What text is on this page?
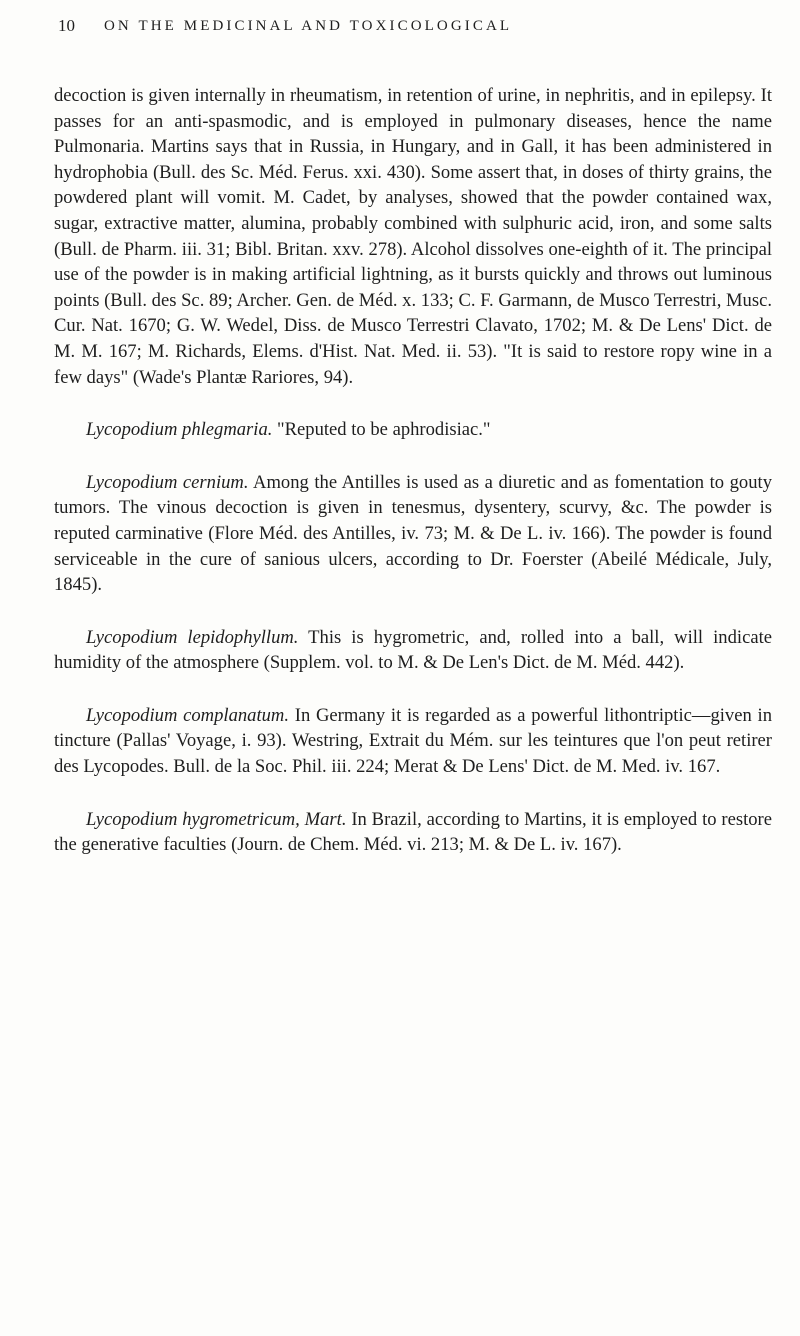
10 ON THE MEDICINAL AND TOXICOLOGICAL

decoction is given internally in rheumatism, in retention of urine, in nephritis, and in epilepsy. It passes for an anti-spasmodic, and is employed in pulmonary diseases, hence the name Pulmonaria. Martins says that in Russia, in Hungary, and in Gall, it has been administered in hydrophobia (Bull. des Sc. Méd. Ferus. xxi. 430). Some assert that, in doses of thirty grains, the powdered plant will vomit. M. Cadet, by analyses, showed that the powder contained wax, sugar, extractive matter, alumina, probably combined with sulphuric acid, iron, and some salts (Bull. de Pharm. iii. 31; Bibl. Britan. xxv. 278). Alcohol dissolves one-eighth of it. The principal use of the powder is in making artificial lightning, as it bursts quickly and throws out luminous points (Bull. des Sc. 89; Archer. Gen. de Méd. x. 133; C. F. Garmann, de Musco Terrestri, Musc. Cur. Nat. 1670; G. W. Wedel, Diss. de Musco Terrestri Clavato, 1702; M. & De Lens' Dict. de M. M. 167; M. Richards, Elems. d'Hist. Nat. Med. ii. 53). "It is said to restore ropy wine in a few days" (Wade's Plantæ Rariores, 94).

Lycopodium phlegmaria. "Reputed to be aphrodisiac."

Lycopodium cernium. Among the Antilles is used as a diuretic and as fomentation to gouty tumors. The vinous decoction is given in tenesmus, dysentery, scurvy, &c. The powder is reputed carminative (Flore Méd. des Antilles, iv. 73; M. & De L. iv. 166). The powder is found serviceable in the cure of sanious ulcers, according to Dr. Foerster (Abeilé Médicale, July, 1845).

Lycopodium lepidophyllum. This is hygrometric, and, rolled into a ball, will indicate humidity of the atmosphere (Supplem. vol. to M. & De Len's Dict. de M. Méd. 442).

Lycopodium complanatum. In Germany it is regarded as a powerful lithontriptic—given in tincture (Pallas' Voyage, i. 93). Westring, Extrait du Mém. sur les teintures que l'on peut retirer des Lycopodes. Bull. de la Soc. Phil. iii. 224; Merat & De Lens' Dict. de M. Med. iv. 167.

Lycopodium hygrometricum, Mart. In Brazil, according to Martins, it is employed to restore the generative faculties (Journ. de Chem. Méd. vi. 213; M. & De L. iv. 167).
